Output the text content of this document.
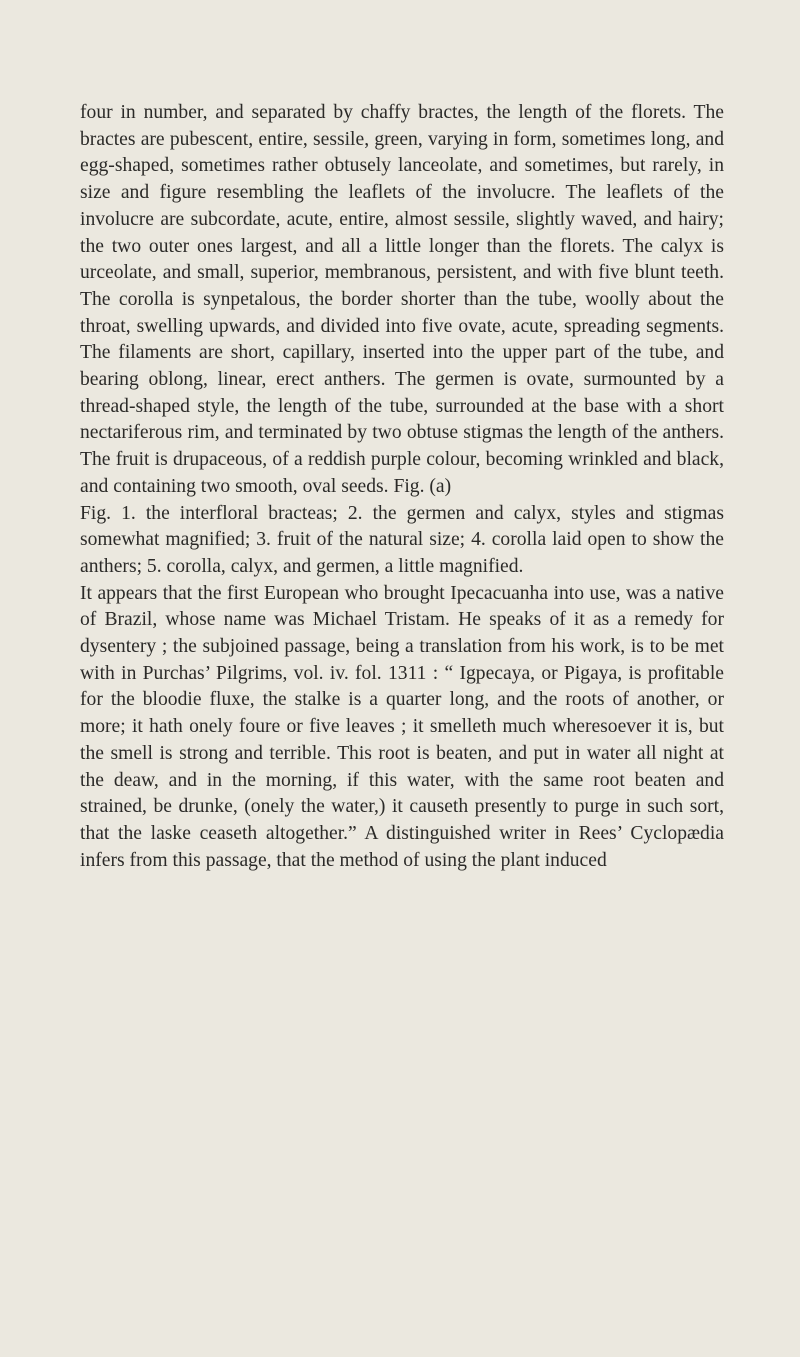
four in number, and separated by chaffy bractes, the length of the florets. The bractes are pubescent, entire, sessile, green, varying in form, sometimes long, and egg-shaped, sometimes rather obtusely lanceolate, and sometimes, but rarely, in size and figure resembling the leaflets of the involucre. The leaflets of the involucre are subcordate, acute, entire, almost sessile, slightly waved, and hairy; the two outer ones largest, and all a little longer than the florets. The calyx is urceolate, and small, superior, membranous, persistent, and with five blunt teeth. The corolla is synpetalous, the border shorter than the tube, woolly about the throat, swelling upwards, and divided into five ovate, acute, spreading segments. The filaments are short, capillary, inserted into the upper part of the tube, and bearing oblong, linear, erect anthers. The germen is ovate, surmounted by a thread-shaped style, the length of the tube, surrounded at the base with a short nectariferous rim, and terminated by two obtuse stigmas the length of the anthers. The fruit is drupaceous, of a reddish purple colour, becoming wrinkled and black, and containing two smooth, oval seeds. Fig. (a)

Fig. 1. the interfloral bracteas; 2. the germen and calyx, styles and stigmas somewhat magnified; 3. fruit of the natural size; 4. corolla laid open to show the anthers; 5. corolla, calyx, and germen, a little magnified.

It appears that the first European who brought Ipecacuanha into use, was a native of Brazil, whose name was Michael Tristam. He speaks of it as a remedy for dysentery ; the subjoined passage, being a translation from his work, is to be met with in Purchas’ Pilgrims, vol. iv. fol. 1311 : “ Igpecaya, or Pigaya, is profitable for the bloodie fluxe, the stalke is a quarter long, and the roots of another, or more; it hath onely foure or five leaves ; it smelleth much wheresoever it is, but the smell is strong and terrible. This root is beaten, and put in water all night at the deaw, and in the morning, if this water, with the same root beaten and strained, be drunke, (onely the water,) it causeth presently to purge in such sort, that the laske ceaseth altogether.” A distinguished writer in Rees’ Cyclopædia infers from this passage, that the method of using the plant induced
